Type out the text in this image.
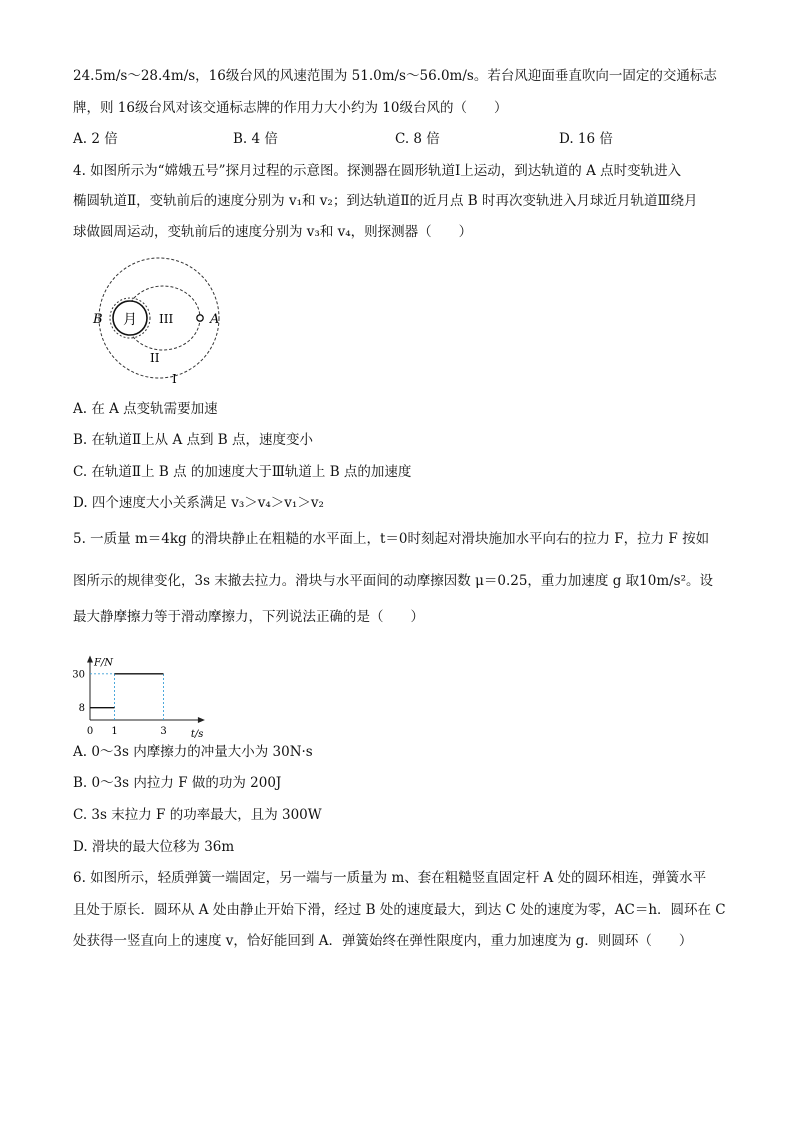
24.5m/s～28.4m/s，16级台风的风速范围为 51.0m/s～56.0m/s。若台风迎面垂直吹向一固定的交通标志
牌，则 16级台风对该交通标志牌的作用力大小约为 10级台风的（　　）
A. 2 倍	B. 4 倍	C. 8 倍	D. 16 倍
4. 如图所示为“嫦娥五号”探月过程的示意图。探测器在圆形轨道Ⅰ上运动，到达轨道的 A 点时变轨进入
椭圆轨道Ⅱ，变轨前后的速度分别为 v₁和 v₂；到达轨道Ⅱ的近月点 B 时再次变轨进入月球近月轨道Ⅲ绕月
球做圆周运动，变轨前后的速度分别为 v₃和 v₄，则探测器（　　）
月	A
B	III
II
I
A. 在 A 点变轨需要加速
B. 在轨道Ⅱ上从 A 点到 B 点，速度变小
C. 在轨道Ⅱ上 B 点 的加速度大于Ⅲ轨道上 B 点的加速度
D. 四个速度大小关系满足 v₃＞v₄＞v₁＞v₂
5. 一质量 m＝4kg 的滑块静止在粗糙的水平面上，t＝0时刻起对滑块施加水平向右的拉力 F，拉力 F 按如
图所示的规律变化，3s 末撤去拉力。滑块与水平面间的动摩擦因数 μ＝0.25，重力加速度 g 取10m/s²。设
最大静摩擦力等于滑动摩擦力，下列说法正确的是（　　）
F/N
t/s
0 1	3
8
30
A. 0～3s 内摩擦力的冲量大小为 30N·s
B. 0～3s 内拉力 F 做的功为 200J
C. 3s 末拉力 F 的功率最大，且为 300W
D. 滑块的最大位移为 36m
6. 如图所示，轻质弹簧一端固定，另一端与一质量为 m、套在粗糙竖直固定杆 A 处的圆环相连，弹簧水平
且处于原长．圆环从 A 处由静止开始下滑，经过 B 处的速度最大，到达 C 处的速度为零，AC＝h．圆环在 C
处获得一竖直向上的速度 v，恰好能回到 A．弹簧始终在弹性限度内，重力加速度为 g．则圆环（　　）
